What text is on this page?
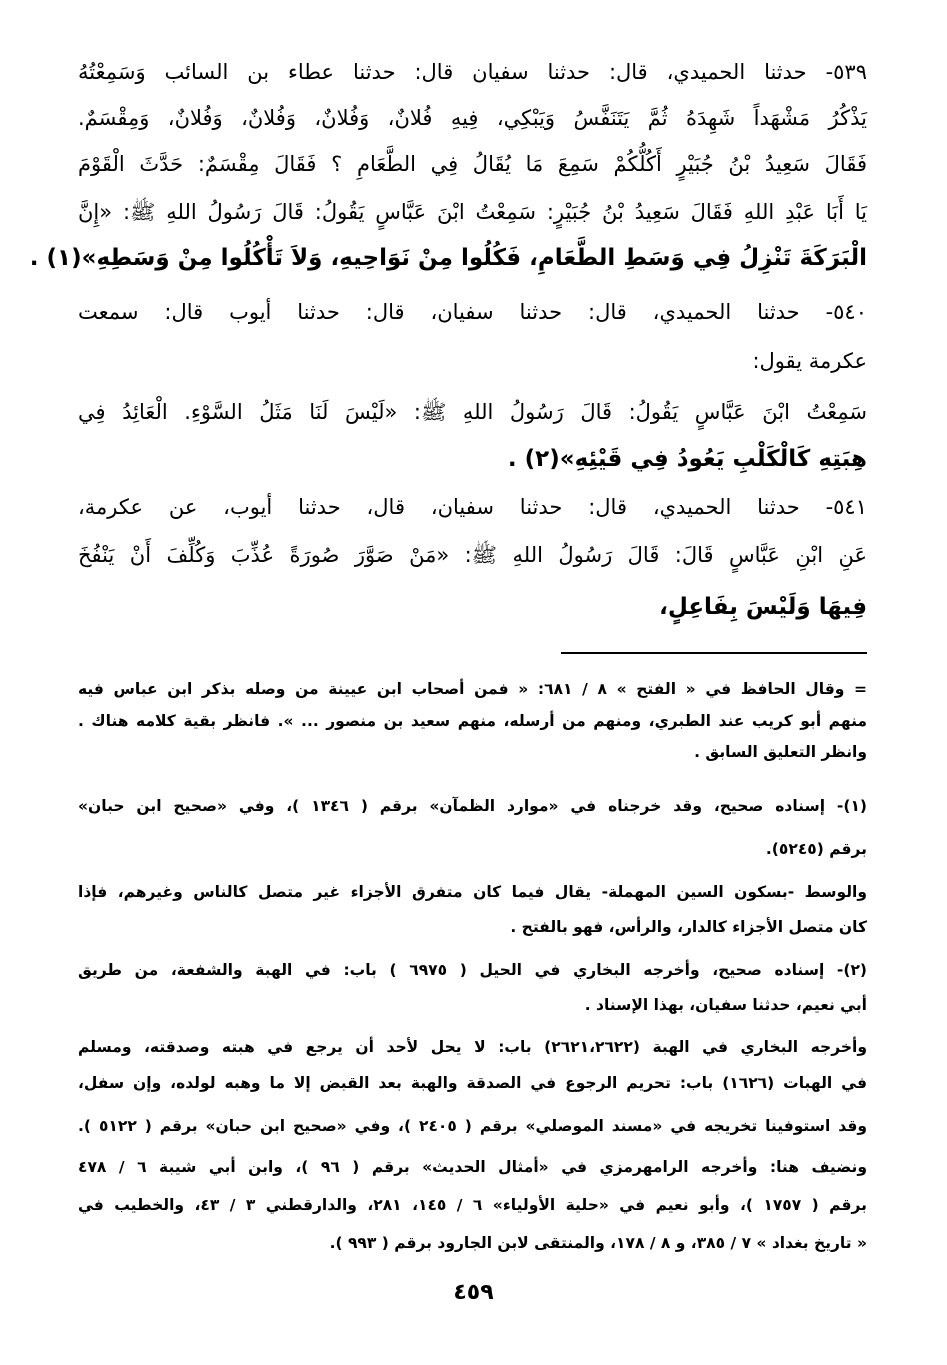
٥٣٩- حدثنا الحميدي، قال: حدثنا سفيان قال: حدثنا عطاء بن السائب وَسَمِعْتُهُ
يَذْكُرُ مَشْهَداً شَهِدَهُ ثُمَّ يَتَنَفَّسُ وَيَبْكِي، فِيهِ فُلانٌ، وَفُلانٌ، وَفُلانٌ، وَفُلانٌ، وَمِقْسَمٌ.
فَقَالَ سَعِيدُ بْنُ جُبَيْرٍ أَكُلُّكُمْ سَمِعَ مَا يُقَالُ فِي الطَّعَامِ ؟ فَقَالَ مِقْسَمٌ: حَدَّثَ الْقَوْمَ
يَا أَبَا عَبْدِ اللهِ فَقَالَ سَعِيدُ بْنُ جُبَيْرٍ: سَمِعْتُ ابْنَ عَبَّاسٍ يَقُولُ: قَالَ رَسُولُ اللهِ ﷺ: «إِنَّ
الْبَرَكَةَ تَنْزِلُ فِي وَسَطِ الطَّعَامِ، فَكُلُوا مِنْ نَوَاحِيهِ، وَلاَ تَأْكُلُوا مِنْ وَسَطِهِ»(١) .
٥٤٠- حدثنا الحميدي، قال: حدثنا سفيان، قال: حدثنا أيوب قال: سمعت
عكرمة يقول:
سَمِعْتُ ابْنَ عَبَّاسٍ يَقُولُ: قَالَ رَسُولُ اللهِ ﷺ: «لَيْسَ لَنَا مَثَلُ السَّوْءِ. الْعَائِدُ فِي
هِبَتِهِ كَالْكَلْبِ يَعُودُ فِي قَيْئِهِ»(٢) .
٥٤١- حدثنا الحميدي، قال: حدثنا سفيان، قال، حدثنا أيوب، عن عكرمة،
عَنِ ابْنِ عَبَّاسٍ قَالَ: قَالَ رَسُولُ اللهِ ﷺ: «مَنْ صَوَّرَ صُورَةً عُذِّبَ وَكُلِّفَ أَنْ يَنْفُخَ
فِيهَا وَلَيْسَ بِفَاعِلٍ،
= وقال الحافظ في « الفتح » ٨ / ٦٨١: « فمن أصحاب ابن عيينة من وصله بذكر ابن عباس فيه
منهم أبو كريب عند الطبري، ومنهم من أرسله، منهم سعيد بن منصور ... ». فانظر بقية كلامه هناك .
وانظر التعليق السابق .
(١)- إسناده صحيح، وقد خرجناه في «موارد الظمآن» برقم ( ١٣٤٦ )، وفي «صحيح ابن حبان»
برقم (٥٢٤٥).
والوسط -بسكون السين المهملة- يقال فيما كان متفرق الأجزاء غير متصل كالناس وغيرهم، فإذا
كان متصل الأجزاء كالدار، والرأس، فهو بالفتح .
(٢)- إسناده صحيح، وأخرجه البخاري في الحيل ( ٦٩٧٥ ) باب: في الهبة والشفعة، من طريق
أبي نعيم، حدثنا سفيان، بهذا الإسناد .
وأخرجه البخاري في الهبة (٢٦٢١،٢٦٢٢) باب: لا يحل لأحد أن يرجع في هبته وصدقته، ومسلم
في الهبات (١٦٢٦) باب: تحريم الرجوع في الصدقة والهبة بعد القبض إلا ما وهبه لولده، وإن سفل،
وقد استوفينا تخريجه في «مسند الموصلي» برقم ( ٢٤٠٥ )، وفي «صحيح ابن حبان» برقم ( ٥١٢٢ ).
ونضيف هنا: وأخرجه الرامهرمزي في «أمثال الحديث» برقم ( ٩٦ )، وابن أبي شيبة ٦ / ٤٧٨
برقم ( ١٧٥٧ )، وأبو نعيم في «حلية الأولياء» ٦ / ١٤٥، ٢٨١، والدارقطني ٣ / ٤٣، والخطيب في
« تاريخ بغداد » ٧ / ٣٨٥، و ٨ / ١٧٨، والمنتقى لابن الجارود برقم ( ٩٩٣ ).
٤٥٩
